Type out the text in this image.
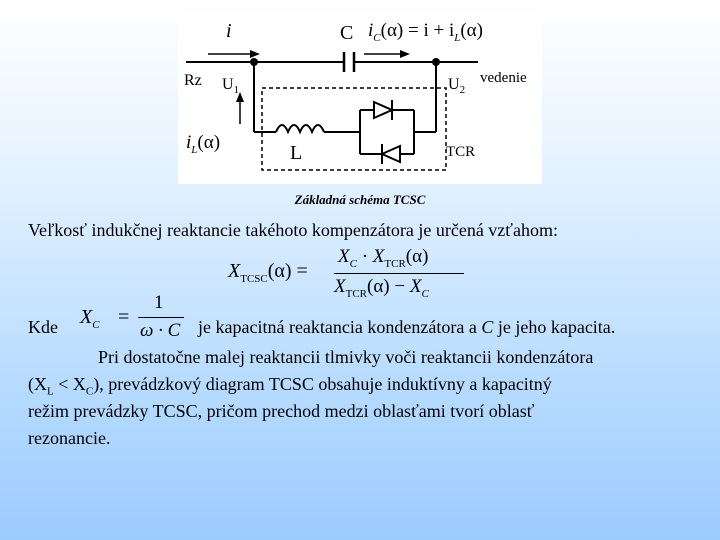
i	C $i_C(\alpha) = i + i_L(\alpha)$
Rz $U_1$	$U_2$
vedenie
$i_L(\alpha)$	L	TCR
Základná schéma TCSC
Veľkosť indukčnej reaktancie takéhoto kompenzátora je určená vzťahom:
$X_{TCSC}(\alpha)$ =
$X_C \cdot X_{TCR}(\alpha)$
$X_{TCR}(\alpha) - X_C$
Kde $X_C$ =
1
ω · C je kapacitná reaktancia kondenzátora a C je jeho kapacita.
Pri dostatočne malej reaktancii tlmivky voči reaktancii kondenzátora
$(X_L < X_C)$, prevádzkový diagram TCSC obsahuje induktívny a kapacitný
režim prevádzky TCSC, pričom prechod medzi oblasťami tvorí oblasť
rezonancie.
